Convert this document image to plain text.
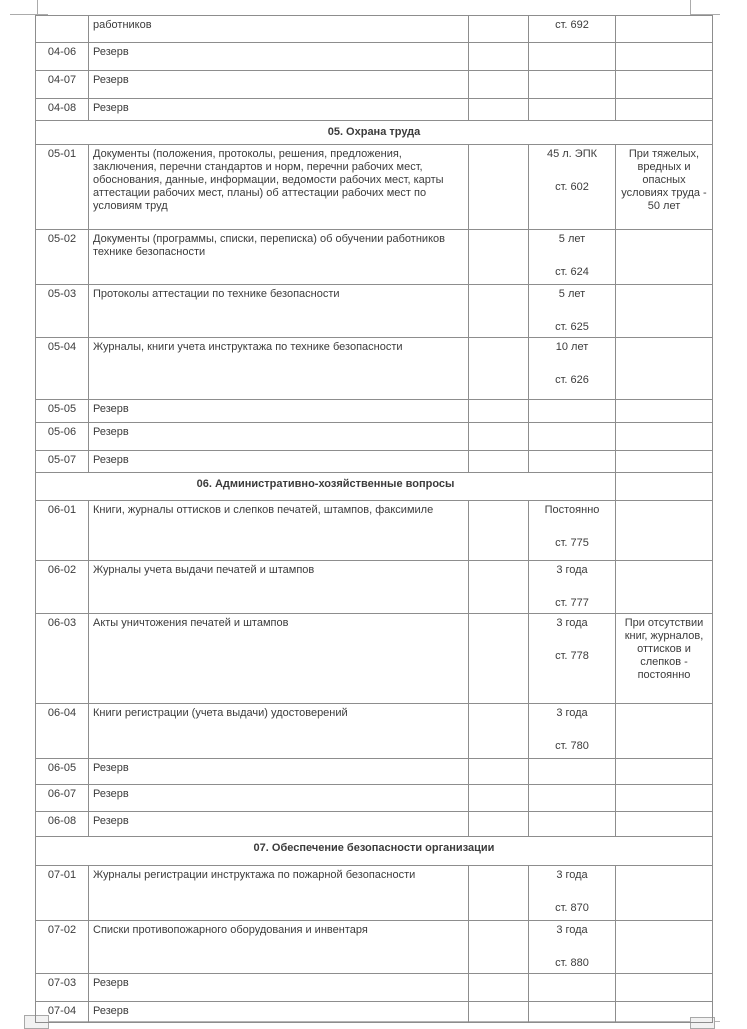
	работников		ст. 692	

04-06	Резерв			
04-07	Резерв			
04-08	Резерв			
05. Охрана труда				
05-01	Документы (положения, протоколы, решения, предложения, заключения, перечни стандартов и норм, перечни рабочих мест, обоснования, данные, информации, ведомости рабочих мест, карты аттестации рабочих мест, планы) об аттестации рабочих мест по условиям труд		45 л. ЭПК
ст. 602	При тяжелых, вредных и опасных условиях труда - 50 лет
05-02	Документы (программы, списки, переписка) об обучении работников технике безопасности		5 лет
ст. 624	

05-03	Протоколы аттестации по технике безопасности		5 лет
ст. 625	

05-04	Журналы, книги учета инструктажа по технике безопасности		10 лет
ст. 626	

05-05	Резерв			
05-06	Резерв			
05-07	Резерв			
06. Административно-хозяйственные вопросы				
06-01	Книги, журналы оттисков и слепков печатей, штампов, факсимиле		Постоянно
ст. 775	

06-02	Журналы учета выдачи печатей и штампов		3 года
ст. 777	

06-03	Акты уничтожения печатей и штампов		3 года
ст. 778	При отсутствии книг, журналов, оттисков и слепков - постоянно
06-04	Книги регистрации (учета выдачи) удостоверений		3 года
ст. 780	

06-05	Резерв			
06-07	Резерв			
06-08	Резерв			
07. Обеспечение безопасности организации				
07-01	Журналы регистрации инструктажа по пожарной безопасности		3 года
ст. 870	

07-02	Списки противопожарного оборудования и инвентаря		3 года
ст. 880	

07-03	Резерв			
07-04	Резерв			
